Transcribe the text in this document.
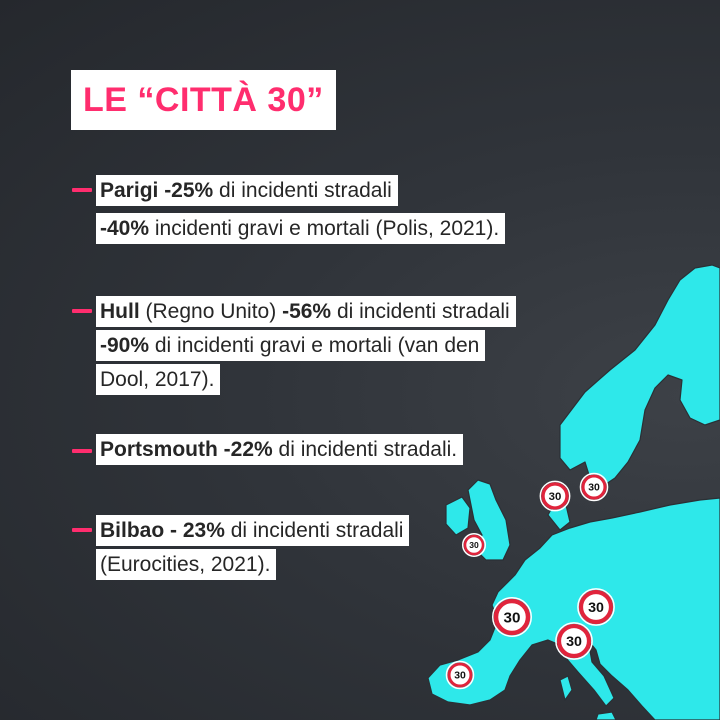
30
30
30
30
30
30
30
LE “CITTÀ 30”
Parigi -25% di incidenti stradali
-40% incidenti gravi e mortali (Polis, 2021).
Hull (Regno Unito) -56% di incidenti stradali
-90% di incidenti gravi e mortali (van den
Dool, 2017).
Portsmouth -22% di incidenti stradali.
Bilbao - 23% di incidenti stradali
(Eurocities, 2021).
